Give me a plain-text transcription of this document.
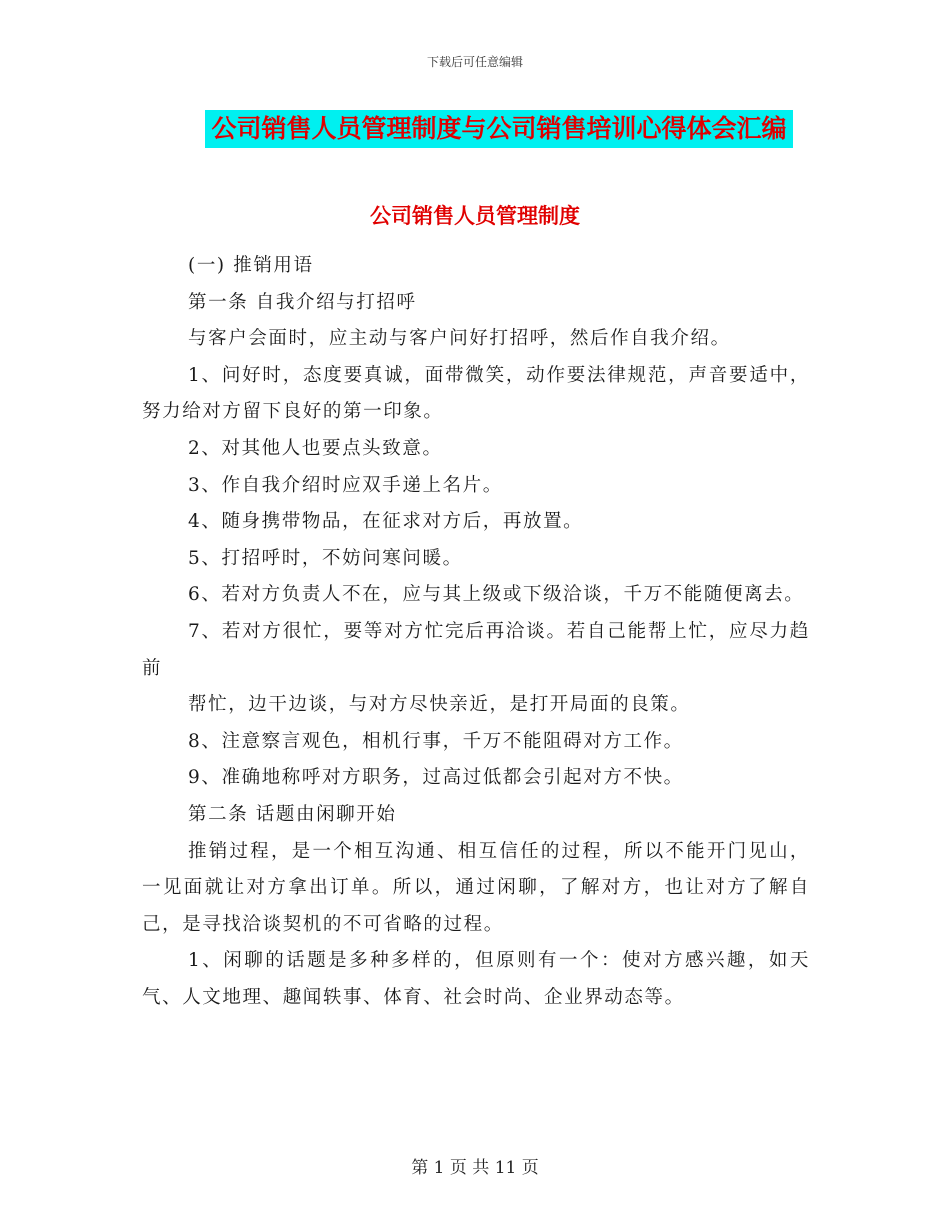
下载后可任意编辑
公司销售人员管理制度与公司销售培训心得体会汇编
公司销售人员管理制度

(一) 推销用语

第一条 自我介绍与打招呼

与客户会面时，应主动与客户问好打招呼，然后作自我介绍。

1、问好时，态度要真诚，面带微笑，动作要法律规范，声音要适中，努力给对方留下良好的第一印象。

2、对其他人也要点头致意。

3、作自我介绍时应双手递上名片。

4、随身携带物品，在征求对方后，再放置。

5、打招呼时，不妨问寒问暖。

6、若对方负责人不在，应与其上级或下级洽谈，千万不能随便离去。

7、若对方很忙，要等对方忙完后再洽谈。若自己能帮上忙，应尽力趋前

帮忙，边干边谈，与对方尽快亲近，是打开局面的良策。

8、注意察言观色，相机行事，千万不能阻碍对方工作。

9、准确地称呼对方职务，过高过低都会引起对方不快。

第二条 话题由闲聊开始

推销过程，是一个相互沟通、相互信任的过程，所以不能开门见山，一见面就让对方拿出订单。所以，通过闲聊，了解对方，也让对方了解自己，是寻找洽谈契机的不可省略的过程。

1、闲聊的话题是多种多样的，但原则有一个：使对方感兴趣，如天气、人文地理、趣闻轶事、体育、社会时尚、企业界动态等。

第 1 页 共 11 页
